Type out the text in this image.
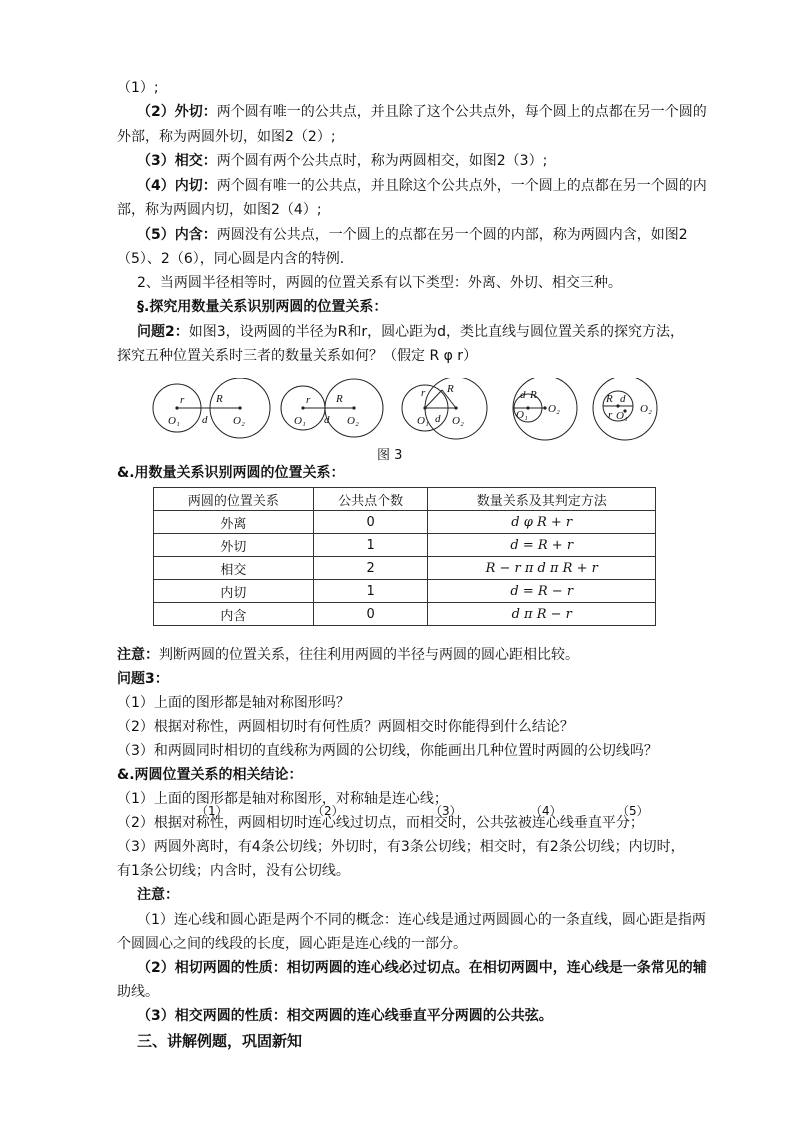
（1）;
（2）外切：两个圆有唯一的公共点，并且除了这个公共点外，每个圆上的点都在另一个圆的
外部，称为两圆外切，如图2（2）;
（3）相交：两个圆有两个公共点时，称为两圆相交，如图2（3）;
（4）内切：两个圆有唯一的公共点，并且除这个公共点外，一个圆上的点都在另一个圆的内
部，称为两圆内切，如图2（4）;
（5）内含：两圆没有公共点，一个圆上的点都在另一个圆的内部，称为两圆内含，如图2
（5）、2（6），同心圆是内含的特例.
2、当两圆半径相等时，两圆的位置关系有以下类型：外离、外切、相交三种。
§.探究用数量关系识别两圆的位置关系：
问题2：如图3，设两圆的半径为R和r，圆心距为d，类比直线与圆位置关系的探究方法，
探究五种位置关系时三者的数量关系如何？（假定 R φ r）
r	R
d
O₁	O₂
r R
d
O₁	O₂
r R
d
O₁ O₂
d R
O₁ O₂
R d
r O₁
O₂
（1）	（2）	（3）	（4）	（5）
图 3
&.用数量关系识别两圆的位置关系：
两圆的位置关系	公共点个数	数量关系及其判定方法
外离	0	d φ R + r
外切	1	d = R + r
相交	2	R − r π d π R + r
内切	1	d = R − r
内含	0	d π R − r
注意：判断两圆的位置关系，往往利用两圆的半径与两圆的圆心距相比较。
问题3：
（1）上面的图形都是轴对称图形吗？
（2）根据对称性，两圆相切时有何性质？两圆相交时你能得到什么结论？
（3）和两圆同时相切的直线称为两圆的公切线，你能画出几种位置时两圆的公切线吗？
&.两圆位置关系的相关结论：
（1）上面的图形都是轴对称图形，对称轴是连心线；
（2）根据对称性，两圆相切时连心线过切点，而相交时，公共弦被连心线垂直平分；
（3）两圆外离时，有4条公切线；外切时，有3条公切线；相交时，有2条公切线；内切时，
有1条公切线；内含时，没有公切线。
注意：
（1）连心线和圆心距是两个不同的概念：连心线是通过两圆圆心的一条直线，圆心距是指两
个圆圆心之间的线段的长度，圆心距是连心线的一部分。
（2）相切两圆的性质：相切两圆的连心线必过切点。在相切两圆中，连心线是一条常见的辅
助线。
（3）相交两圆的性质：相交两圆的连心线垂直平分两圆的公共弦。
三、讲解例题，巩固新知
